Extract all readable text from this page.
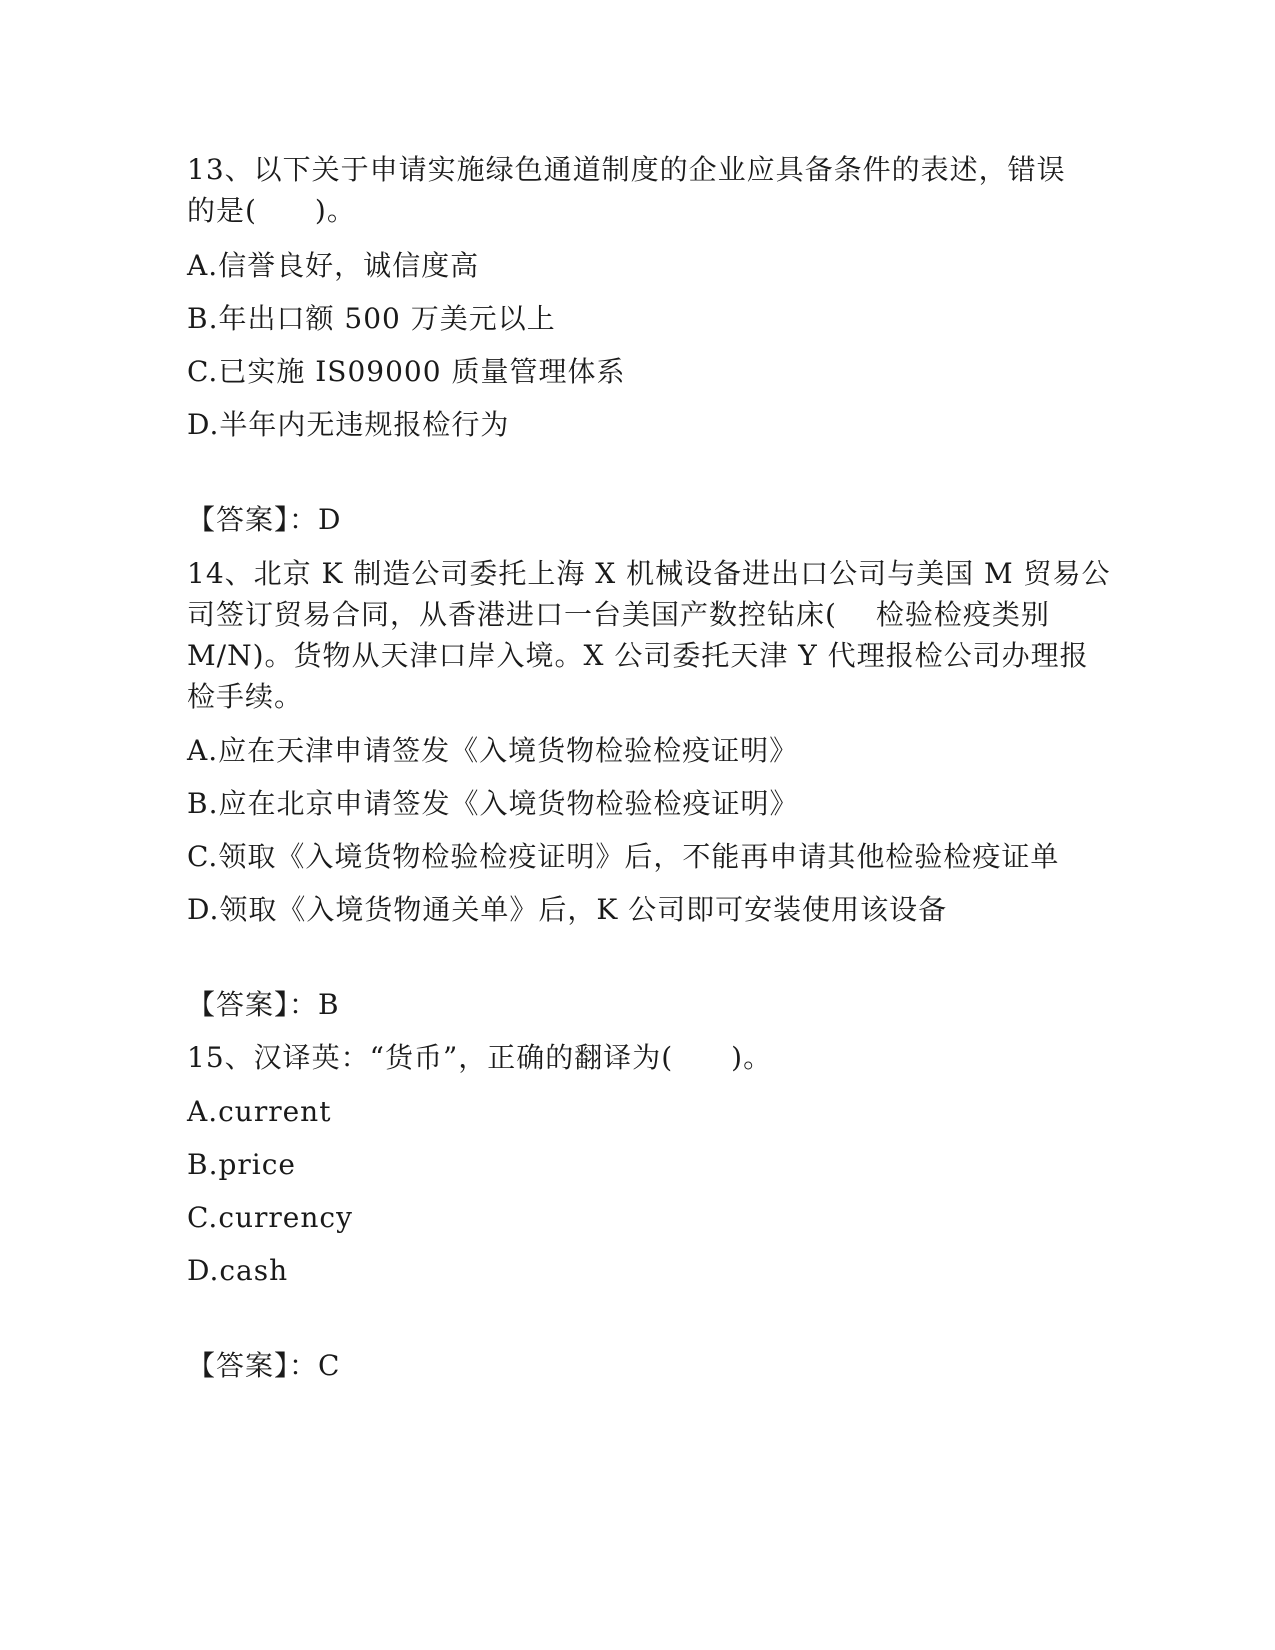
13、以下关于申请实施绿色通道制度的企业应具备条件的表述，错误
的是(　　)。
A.信誉良好，诚信度高
B.年出口额 500 万美元以上
C.已实施 IS09000 质量管理体系
D.半年内无违规报检行为
【答案】：D
14、北京 K 制造公司委托上海 X 机械设备进出口公司与美国 M 贸易公
司签订贸易合同，从香港进口一台美国产数控钻床(　 检验检疫类别
M/N)。货物从天津口岸入境。X 公司委托天津 Y 代理报检公司办理报
检手续。
A.应在天津申请签发《入境货物检验检疫证明》
B.应在北京申请签发《入境货物检验检疫证明》
C.领取《入境货物检验检疫证明》后，不能再申请其他检验检疫证单
D.领取《入境货物通关单》后，K 公司即可安装使用该设备
【答案】：B
15、汉译英：“货币”，正确的翻译为(　　)。
A.current
B.price
C.currency
D.cash
【答案】：C
